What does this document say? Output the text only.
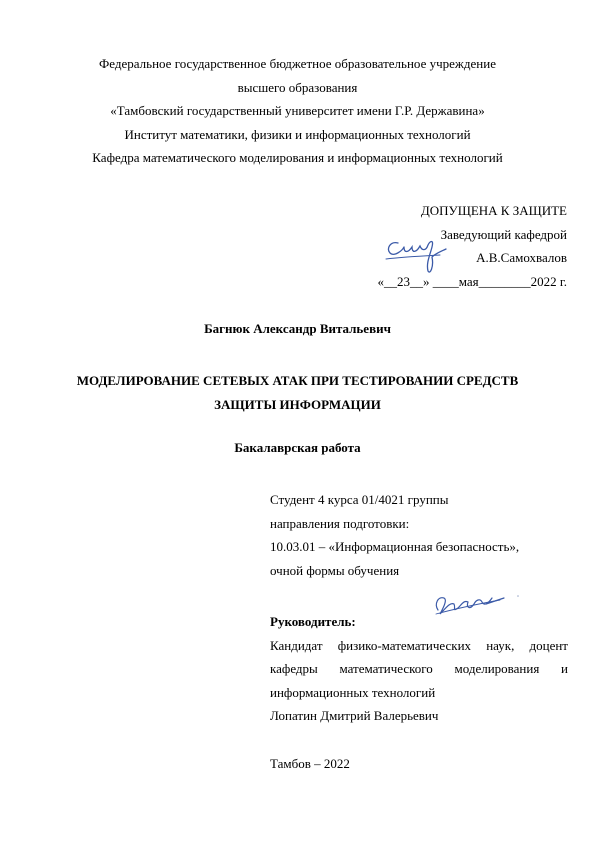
Федеральное государственное бюджетное образовательное учреждение
высшего образования
«Тамбовский государственный университет имени Г.Р. Державина»
Институт математики, физики и информационных технологий
Кафедра математического моделирования и информационных технологий
ДОПУЩЕНА К ЗАЩИТЕ
Заведующий кафедрой
А.В.Самохвалов
«__23__» ____мая________2022 г.
Багнюк Александр Витальевич
МОДЕЛИРОВАНИЕ СЕТЕВЫХ АТАК ПРИ ТЕСТИРОВАНИИ СРЕДСТВ
ЗАЩИТЫ ИНФОРМАЦИИ
Бакалаврская работа
Студент 4 курса 01/4021 группы
направления подготовки:
10.03.01 – «Информационная безопасность»,
очной формы обучения
Руководитель:
Кандидат физико-математических наук, доцент
кафедры математического моделирования и
информационных технологий
Лопатин Дмитрий Валерьевич
Тамбов – 2022
